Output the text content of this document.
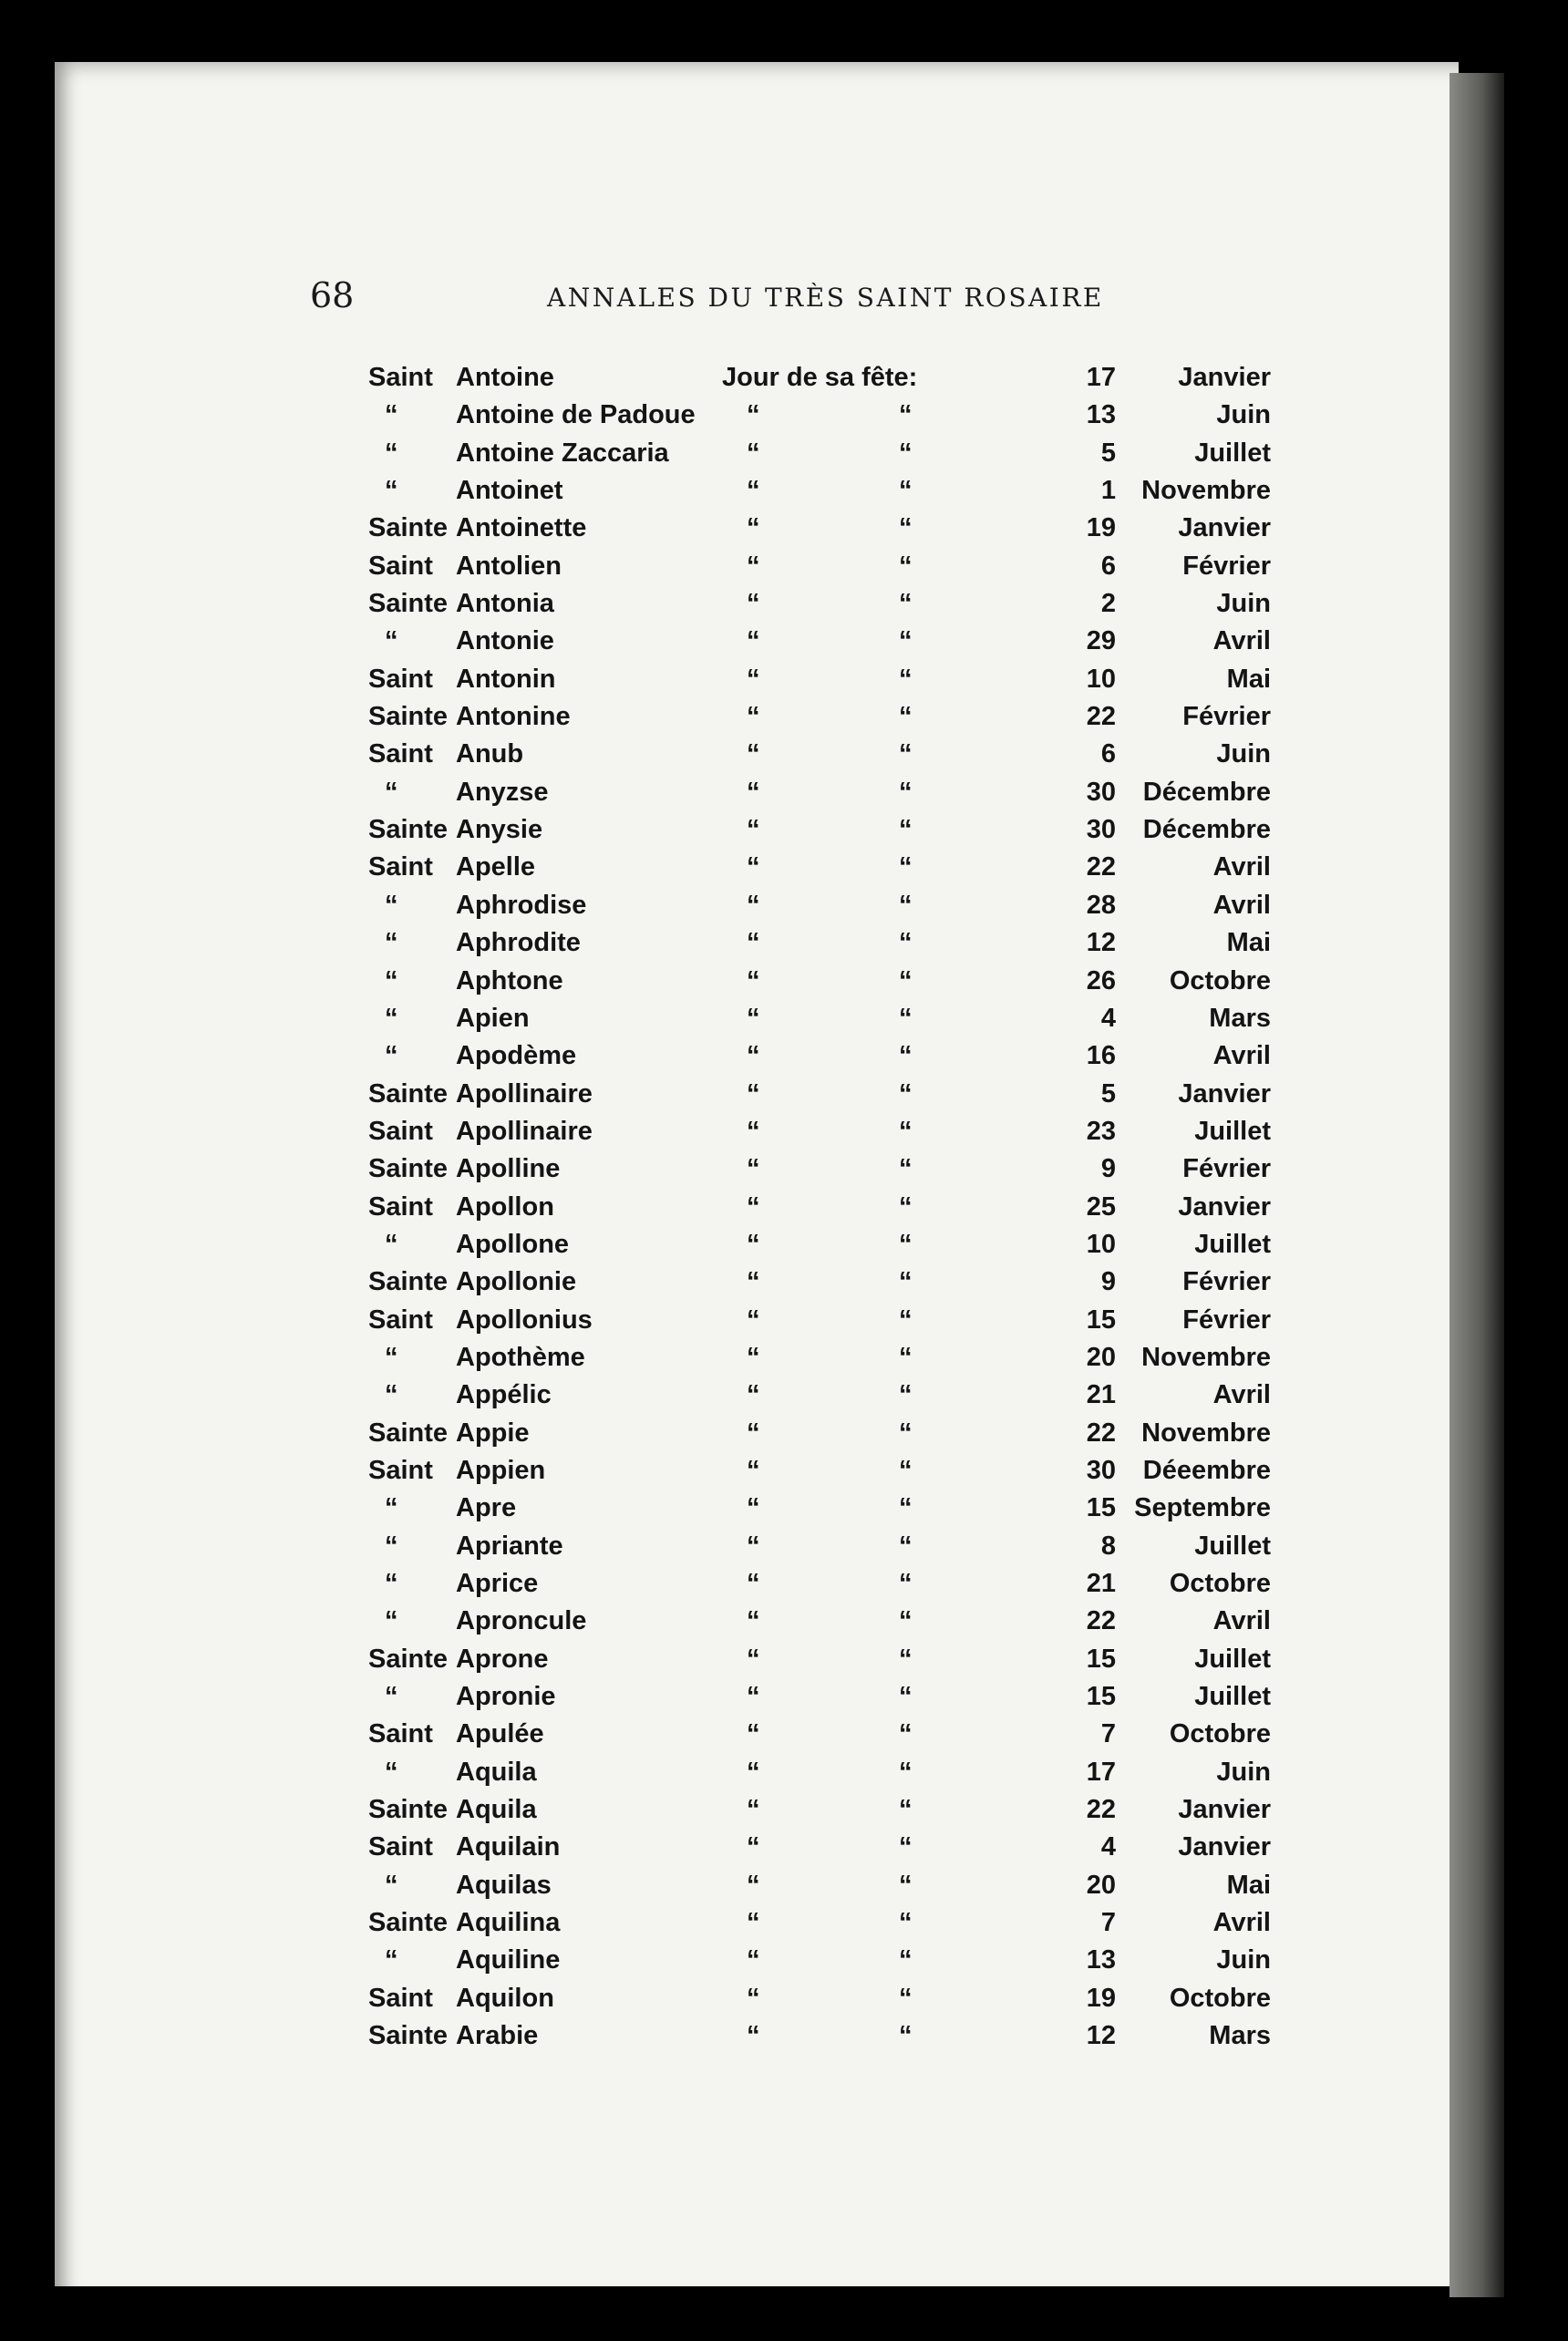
68	ANNALES DU TRÈS SAINT ROSAIRE
Saint Antoine	Jour de sa fête:	17	Janvier
“	Antoine de Padoue “	“	13	Juin
“	Antoine Zaccaria	“	“	5	Juillet
“	Antoinet	“	“	1 Novembre
Sainte Antoinette	“	“	19	Janvier
Saint Antolien	“	“	6	Février
Sainte Antonia	“	“	2	Juin
“	Antonie	“	“	29	Avril
Saint Antonin	“	“	10	Mai
Sainte Antonine	“	“	22	Février
Saint Anub	“	“	6	Juin
“	Anyzse	“	“	30	Décembre
Sainte Anysie	“	“	30	Décembre
Saint Apelle	“	“	22	Avril
“	Aphrodise	“	“	28	Avril
“	Aphrodite	“	“	12	Mai
“	Aphtone	“	“	26	Octobre
“	Apien	“	“	4	Mars
“	Apodème	“	“	16	Avril
Sainte Apollinaire	“	“	5	Janvier
Saint Apollinaire	“	“	23	Juillet
Sainte Apolline	“	“	9	Février
Saint Apollon	“	“	25	Janvier
“	Apollone	“	“	10	Juillet
Sainte Apollonie	“	“	9	Février
Saint Apollonius	“	“	15	Février
“	Apothème	“	“	20 Novembre
“	Appélic	“	“	21	Avril
Sainte Appie	“	“	22 Novembre
Saint Appien	“	“	30	Déeembre
“	Apre	“	“	15 Septembre
“	Apriante	“	“	8	Juillet
“	Aprice	“	“	21	Octobre
“	Aproncule	“	“	22	Avril
Sainte Aprone	“	“	15	Juillet
“	Apronie	“	“	15	Juillet
Saint Apulée	“	“	7	Octobre
“	Aquila	“	“	17	Juin
Sainte Aquila	“	“	22	Janvier
Saint Aquilain	“	“	4	Janvier
“	Aquilas	“	“	20	Mai
Sainte Aquilina	“	“	7	Avril
“	Aquiline	“	“	13	Juin
Saint Aquilon	“	“	19	Octobre
Sainte Arabie	“	“	12	Mars
